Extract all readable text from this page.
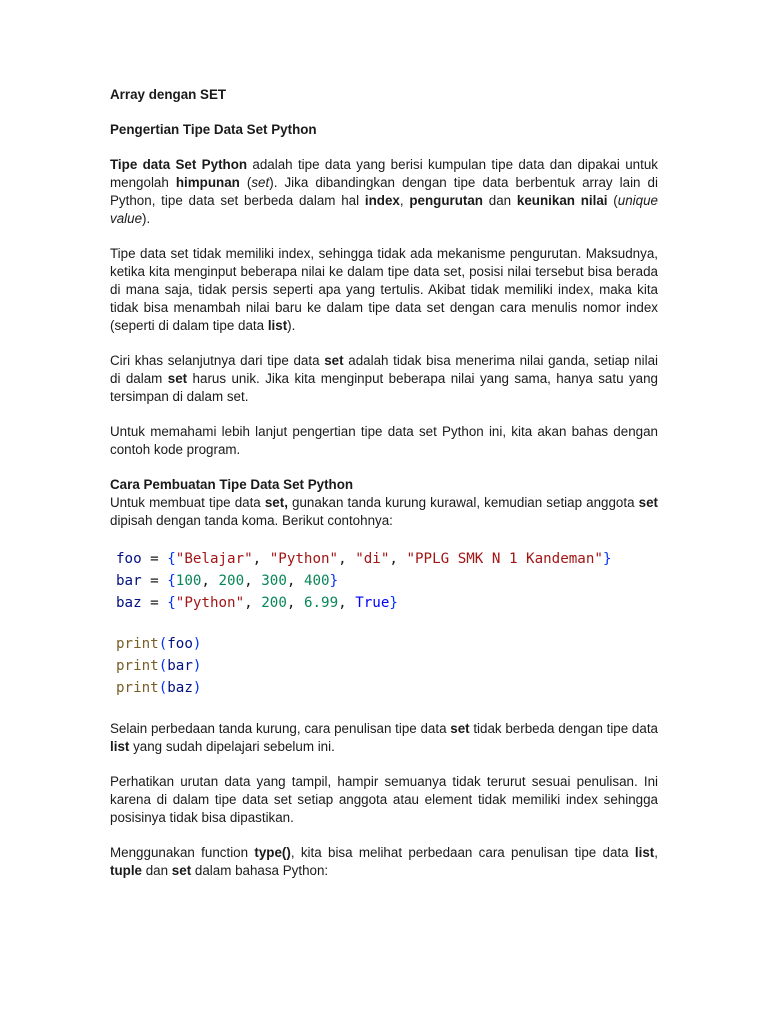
Array dengan SET

Pengertian Tipe Data Set Python

Tipe data Set Python adalah tipe data yang berisi kumpulan tipe data dan dipakai untuk mengolah himpunan (set). Jika dibandingkan dengan tipe data berbentuk array lain di Python, tipe data set berbeda dalam hal index, pengurutan dan keunikan nilai (unique value).

Tipe data set tidak memiliki index, sehingga tidak ada mekanisme pengurutan. Maksudnya, ketika kita menginput beberapa nilai ke dalam tipe data set, posisi nilai tersebut bisa berada di mana saja, tidak persis seperti apa yang tertulis. Akibat tidak memiliki index, maka kita tidak bisa menambah nilai baru ke dalam tipe data set dengan cara menulis nomor index (seperti di dalam tipe data list).

Ciri khas selanjutnya dari tipe data set adalah tidak bisa menerima nilai ganda, setiap nilai di dalam set harus unik. Jika kita menginput beberapa nilai yang sama, hanya satu yang tersimpan di dalam set.

Untuk memahami lebih lanjut pengertian tipe data set Python ini, kita akan bahas dengan contoh kode program.

Cara Pembuatan Tipe Data Set Python

Untuk membuat tipe data set, gunakan tanda kurung kurawal, kemudian setiap anggota set dipisah dengan tanda koma. Berikut contohnya:

foo = {"Belajar", "Python", "di", "PPLG SMK N 1 Kandeman"}
bar = {100, 200, 300, 400}
baz = {"Python", 200, 6.99, True}
print(foo)
print(bar)
print(baz)

Selain perbedaan tanda kurung, cara penulisan tipe data set tidak berbeda dengan tipe data list yang sudah dipelajari sebelum ini.

Perhatikan urutan data yang tampil, hampir semuanya tidak terurut sesuai penulisan. Ini karena di dalam tipe data set setiap anggota atau element tidak memiliki index sehingga posisinya tidak bisa dipastikan.

Menggunakan function type(), kita bisa melihat perbedaan cara penulisan tipe data list, tuple dan set dalam bahasa Python:
